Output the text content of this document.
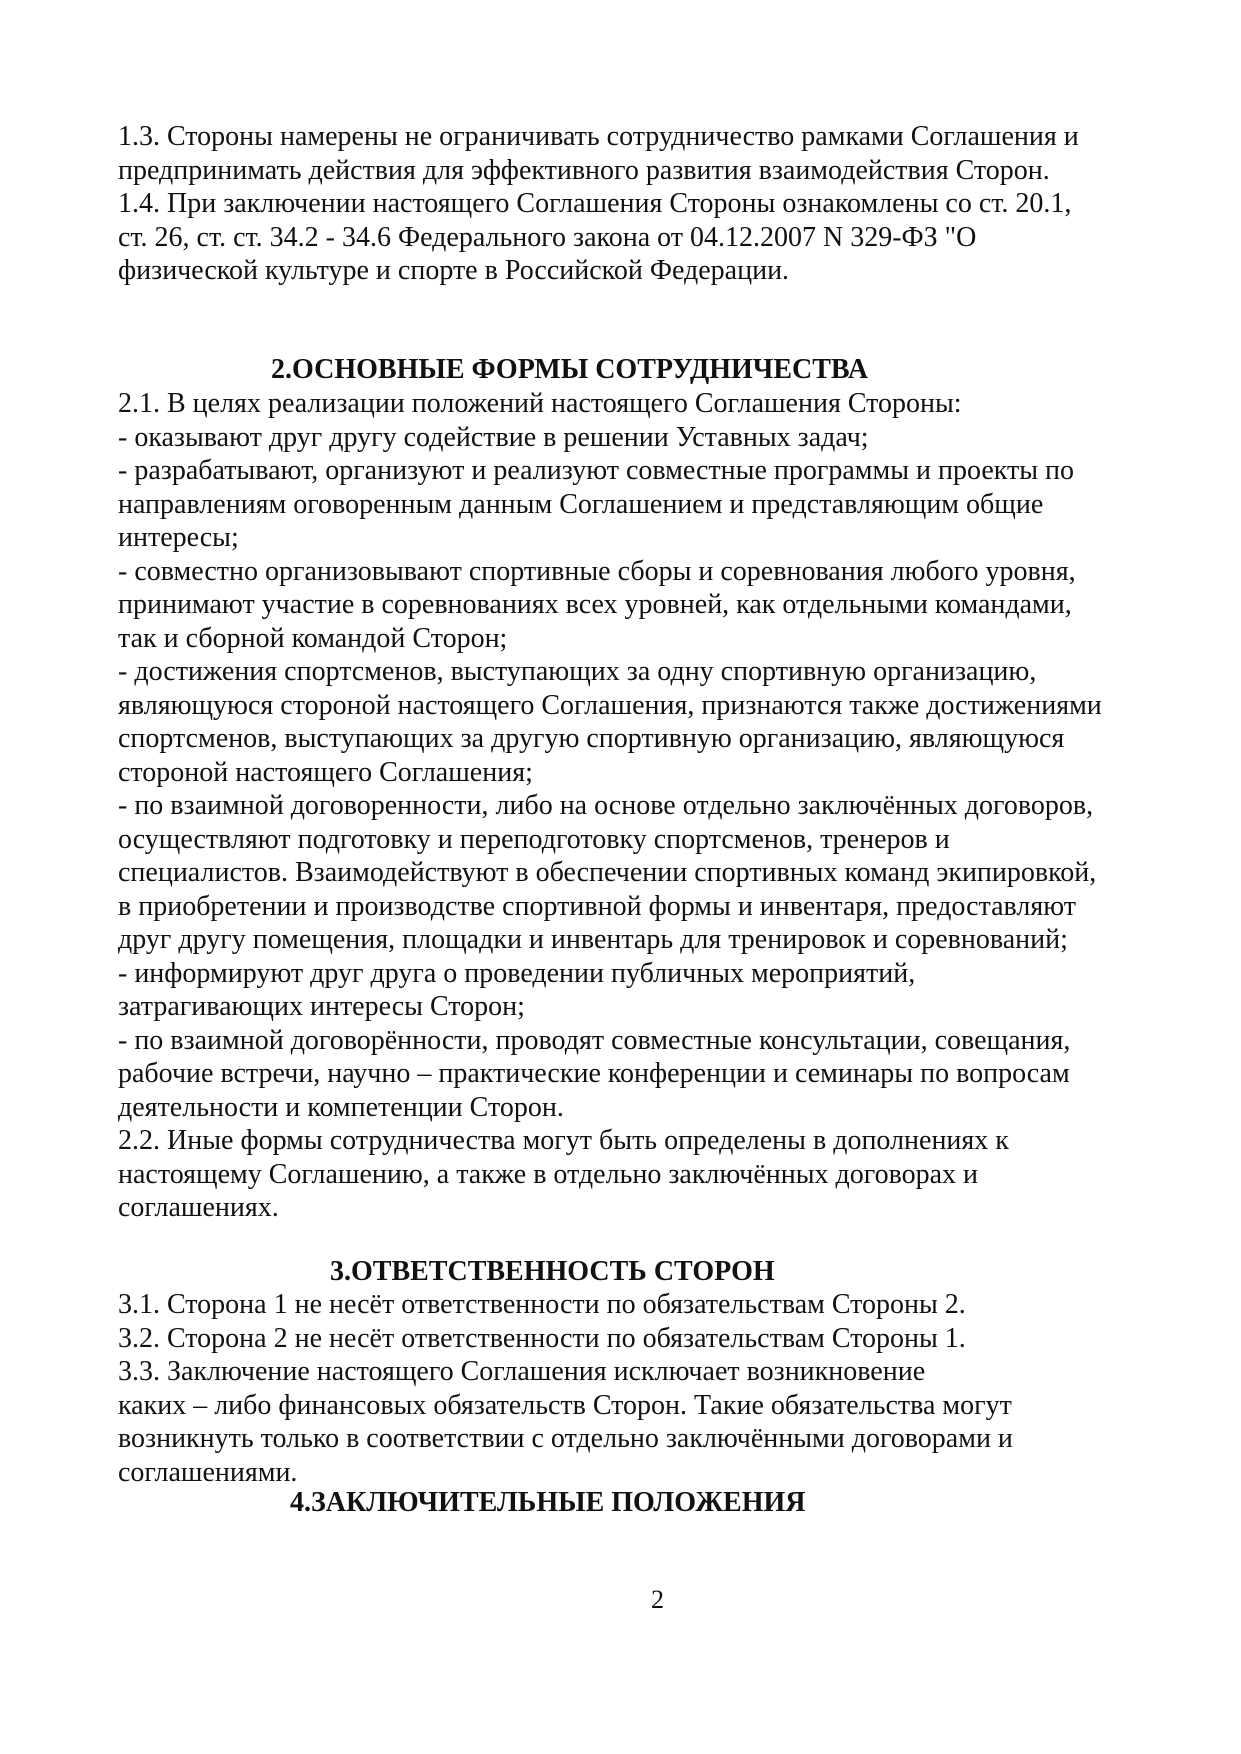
1.3. Стороны намерены не ограничивать сотрудничество рамками Соглашения и
предпринимать действия для эффективного развития взаимодействия Сторон.
1.4. При заключении настоящего Соглашения Стороны ознакомлены со ст. 20.1,
ст. 26, ст. ст. 34.2 - 34.6 Федерального закона от 04.12.2007 N 329-ФЗ "О
физической культуре и спорте в Российской Федерации.
2.ОСНОВНЫЕ ФОРМЫ СОТРУДНИЧЕСТВА
2.1. В целях реализации положений настоящего Соглашения Стороны:
- оказывают друг другу содействие в решении Уставных задач;
- разрабатывают, организуют и реализуют совместные программы и проекты по
направлениям оговоренным данным Соглашением и представляющим общие
интересы;
- совместно организовывают спортивные сборы и соревнования любого уровня,
принимают участие в соревнованиях всех уровней, как отдельными командами,
так и сборной командой Сторон;
- достижения спортсменов, выступающих за одну спортивную организацию,
являющуюся стороной настоящего Соглашения, признаются также достижениями
спортсменов, выступающих за другую спортивную организацию, являющуюся
стороной настоящего Соглашения;
- по взаимной договоренности, либо на основе отдельно заключённых договоров,
осуществляют подготовку и переподготовку спортсменов, тренеров и
специалистов. Взаимодействуют в обеспечении спортивных команд экипировкой,
в приобретении и производстве спортивной формы и инвентаря, предоставляют
друг другу помещения, площадки и инвентарь для тренировок и соревнований;
- информируют друг друга о проведении публичных мероприятий,
затрагивающих интересы Сторон;
- по взаимной договорённости, проводят совместные консультации, совещания,
рабочие встречи, научно – практические конференции и семинары по вопросам
деятельности и компетенции Сторон.
2.2. Иные формы сотрудничества могут быть определены в дополнениях к
настоящему Соглашению, а также в отдельно заключённых договорах и
соглашениях.
3.ОТВЕТСТВЕННОСТЬ СТОРОН
3.1. Сторона 1 не несёт ответственности по обязательствам Стороны 2.
3.2. Сторона 2 не несёт ответственности по обязательствам Стороны 1.
3.3. Заключение настоящего Соглашения исключает возникновение
каких – либо финансовых обязательств Сторон. Такие обязательства могут
возникнуть только в соответствии с отдельно заключёнными договорами и
соглашениями.
4.ЗАКЛЮЧИТЕЛЬНЫЕ ПОЛОЖЕНИЯ
2
